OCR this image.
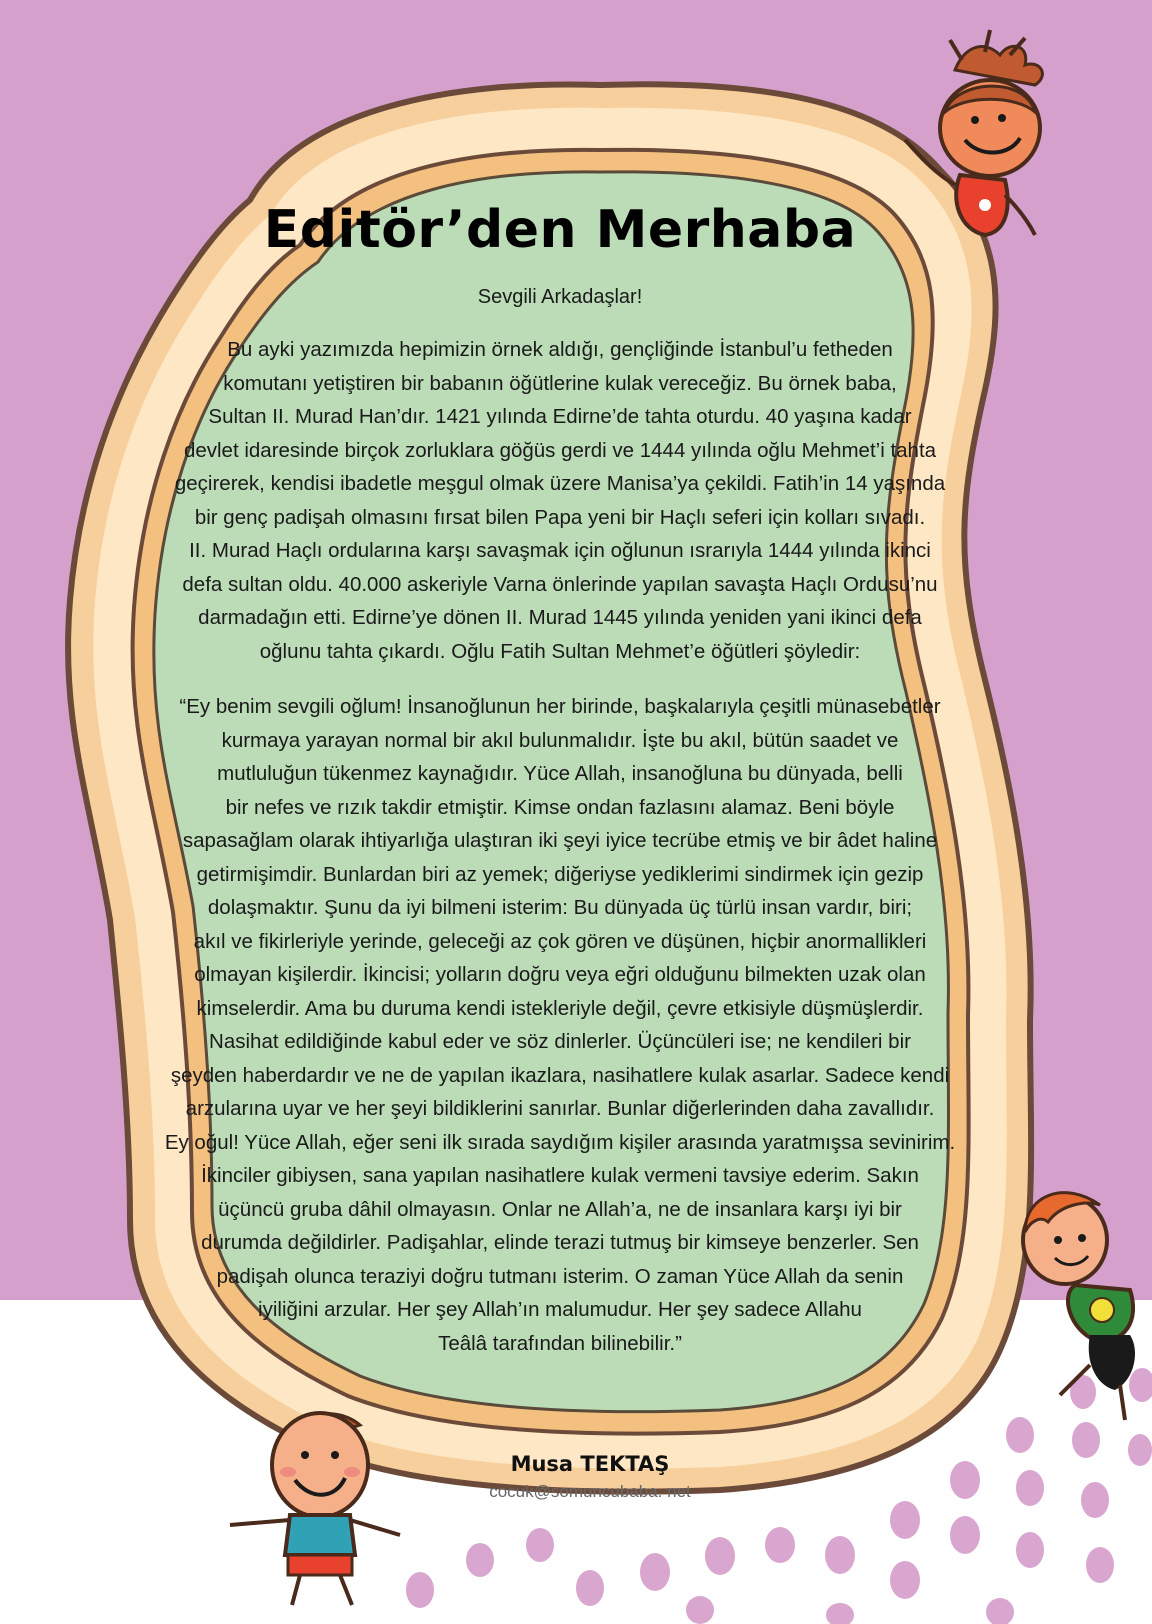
Editör’den Merhaba

Sevgili Arkadaşlar!

Bu ayki yazımızda hepimizin örnek aldığı, gençliğinde İstanbul’u fetheden
komutanı yetiştiren bir babanın öğütlerine kulak vereceğiz. Bu örnek baba,
Sultan II. Murad Han’dır. 1421 yılında Edirne’de tahta oturdu. 40 yaşına kadar
devlet idaresinde birçok zorluklara göğüs gerdi ve 1444 yılında oğlu Mehmet’i tahta
geçirerek, kendisi ibadetle meşgul olmak üzere Manisa’ya çekildi. Fatih’in 14 yaşında
bir genç padişah olmasını fırsat bilen Papa yeni bir Haçlı seferi için kolları sıvadı.
II. Murad Haçlı ordularına karşı savaşmak için oğlunun ısrarıyla 1444 yılında ikinci
defa sultan oldu. 40.000 askeriyle Varna önlerinde yapılan savaşta Haçlı Ordusu’nu
darmadağın etti. Edirne’ye dönen II. Murad 1445 yılında yeniden yani ikinci defa
oğlunu tahta çıkardı. Oğlu Fatih Sultan Mehmet’e öğütleri şöyledir:

“Ey benim sevgili oğlum! İnsanoğlunun her birinde, başkalarıyla çeşitli münasebetler
kurmaya yarayan normal bir akıl bulunmalıdır. İşte bu akıl, bütün saadet ve
mutluluğun tükenmez kaynağıdır. Yüce Allah, insanoğluna bu dünyada, belli
bir nefes ve rızık takdir etmiştir. Kimse ondan fazlasını alamaz. Beni böyle
sapasağlam olarak ihtiyarlığa ulaştıran iki şeyi iyice tecrübe etmiş ve bir âdet haline
getirmişimdir. Bunlardan biri az yemek; diğeriyse yediklerimi sindirmek için gezip
dolaşmaktır. Şunu da iyi bilmeni isterim: Bu dünyada üç türlü insan vardır, biri;
akıl ve fikirleriyle yerinde, geleceği az çok gören ve düşünen, hiçbir anormallikleri
olmayan kişilerdir. İkincisi; yolların doğru veya eğri olduğunu bilmekten uzak olan
kimselerdir. Ama bu duruma kendi istekleriyle değil, çevre etkisiyle düşmüşlerdir.
Nasihat edildiğinde kabul eder ve söz dinlerler. Üçüncüleri ise; ne kendileri bir
şeyden haberdardır ve ne de yapılan ikazlara, nasihatlere kulak asarlar. Sadece kendi
arzularına uyar ve her şeyi bildiklerini sanırlar. Bunlar diğerlerinden daha zavallıdır.
Ey oğul! Yüce Allah, eğer seni ilk sırada saydığım kişiler arasında yaratmışsa sevinirim.
İkinciler gibiysen, sana yapılan nasihatlere kulak vermeni tavsiye ederim. Sakın
üçüncü gruba dâhil olmayasın. Onlar ne Allah’a, ne de insanlara karşı iyi bir
durumda değildirler. Padişahlar, elinde terazi tutmuş bir kimseye benzerler. Sen
padişah olunca teraziyi doğru tutmanı isterim. O zaman Yüce Allah da senin
iyiliğini arzular. Her şey Allah’ın malumudur. Her şey sadece Allahu
Teâlâ tarafından bilinebilir.”

Musa TEKTAŞ
cocuk@somuncubaba. net
